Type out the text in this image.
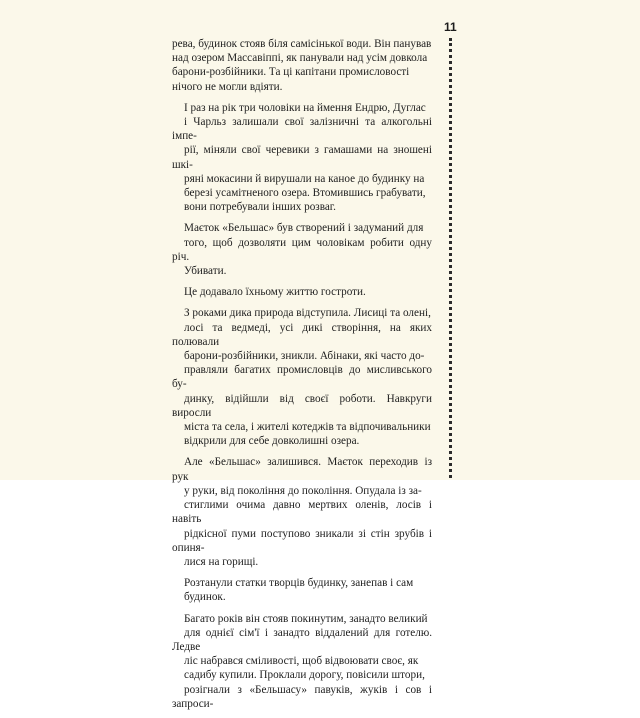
11

рева, будинок стояв біля самісінької води. Він панував
над озером Массавіппі, як панували над усім довкола
барони-розбійники. Та ці капітани промисловості
нічого не могли вдіяти.

І раз на рік три чоловіки на ймення Ендрю, Дуглас
і Чарльз залишали свої залізничні та алкогольні імпе-
рії, міняли свої черевики з гамашами на зношені шкі-
ряні мокасини й вирушали на каное до будинку на
березі усамітненого озера. Втомившись грабувати,
вони потребували інших розваг.

Маєток «Бельшас» був створений і задуманий для
того, щоб дозволяти цим чоловікам робити одну річ.
Убивати.

Це додавало їхньому життю гостроти.

З роками дика природа відступила. Лисиці та олені,
лосі та ведмеді, усі дикі створіння, на яких полювали
барони-розбійники, зникли. Абінаки, які часто до-
правляли багатих промисловців до мисливського бу-
динку, відійшли від своєї роботи. Навкруги виросли
міста та села, і жителі котеджів та відпочивальники
відкрили для себе довколишні озера.

Але «Бельшас» залишився. Маєток переходив із рук
у руки, від покоління до покоління. Опудала із за-
стиглими очима давно мертвих оленів, лосів і навіть
рідкісної пуми поступово зникали зі стін зрубів і опиня-
лися на горищі.

Розтанули статки творців будинку, занепав і сам
будинок.

Багато років він стояв покинутим, занадто великий
для однієї сім'ї і занадто віддалений для готелю. Ледве
ліс набрався сміливості, щоб відвоювати своє, як
садибу купили. Проклали дорогу, повісили штори,
розігнали з «Бельшасу» павуків, жуків і сов і запроси-
